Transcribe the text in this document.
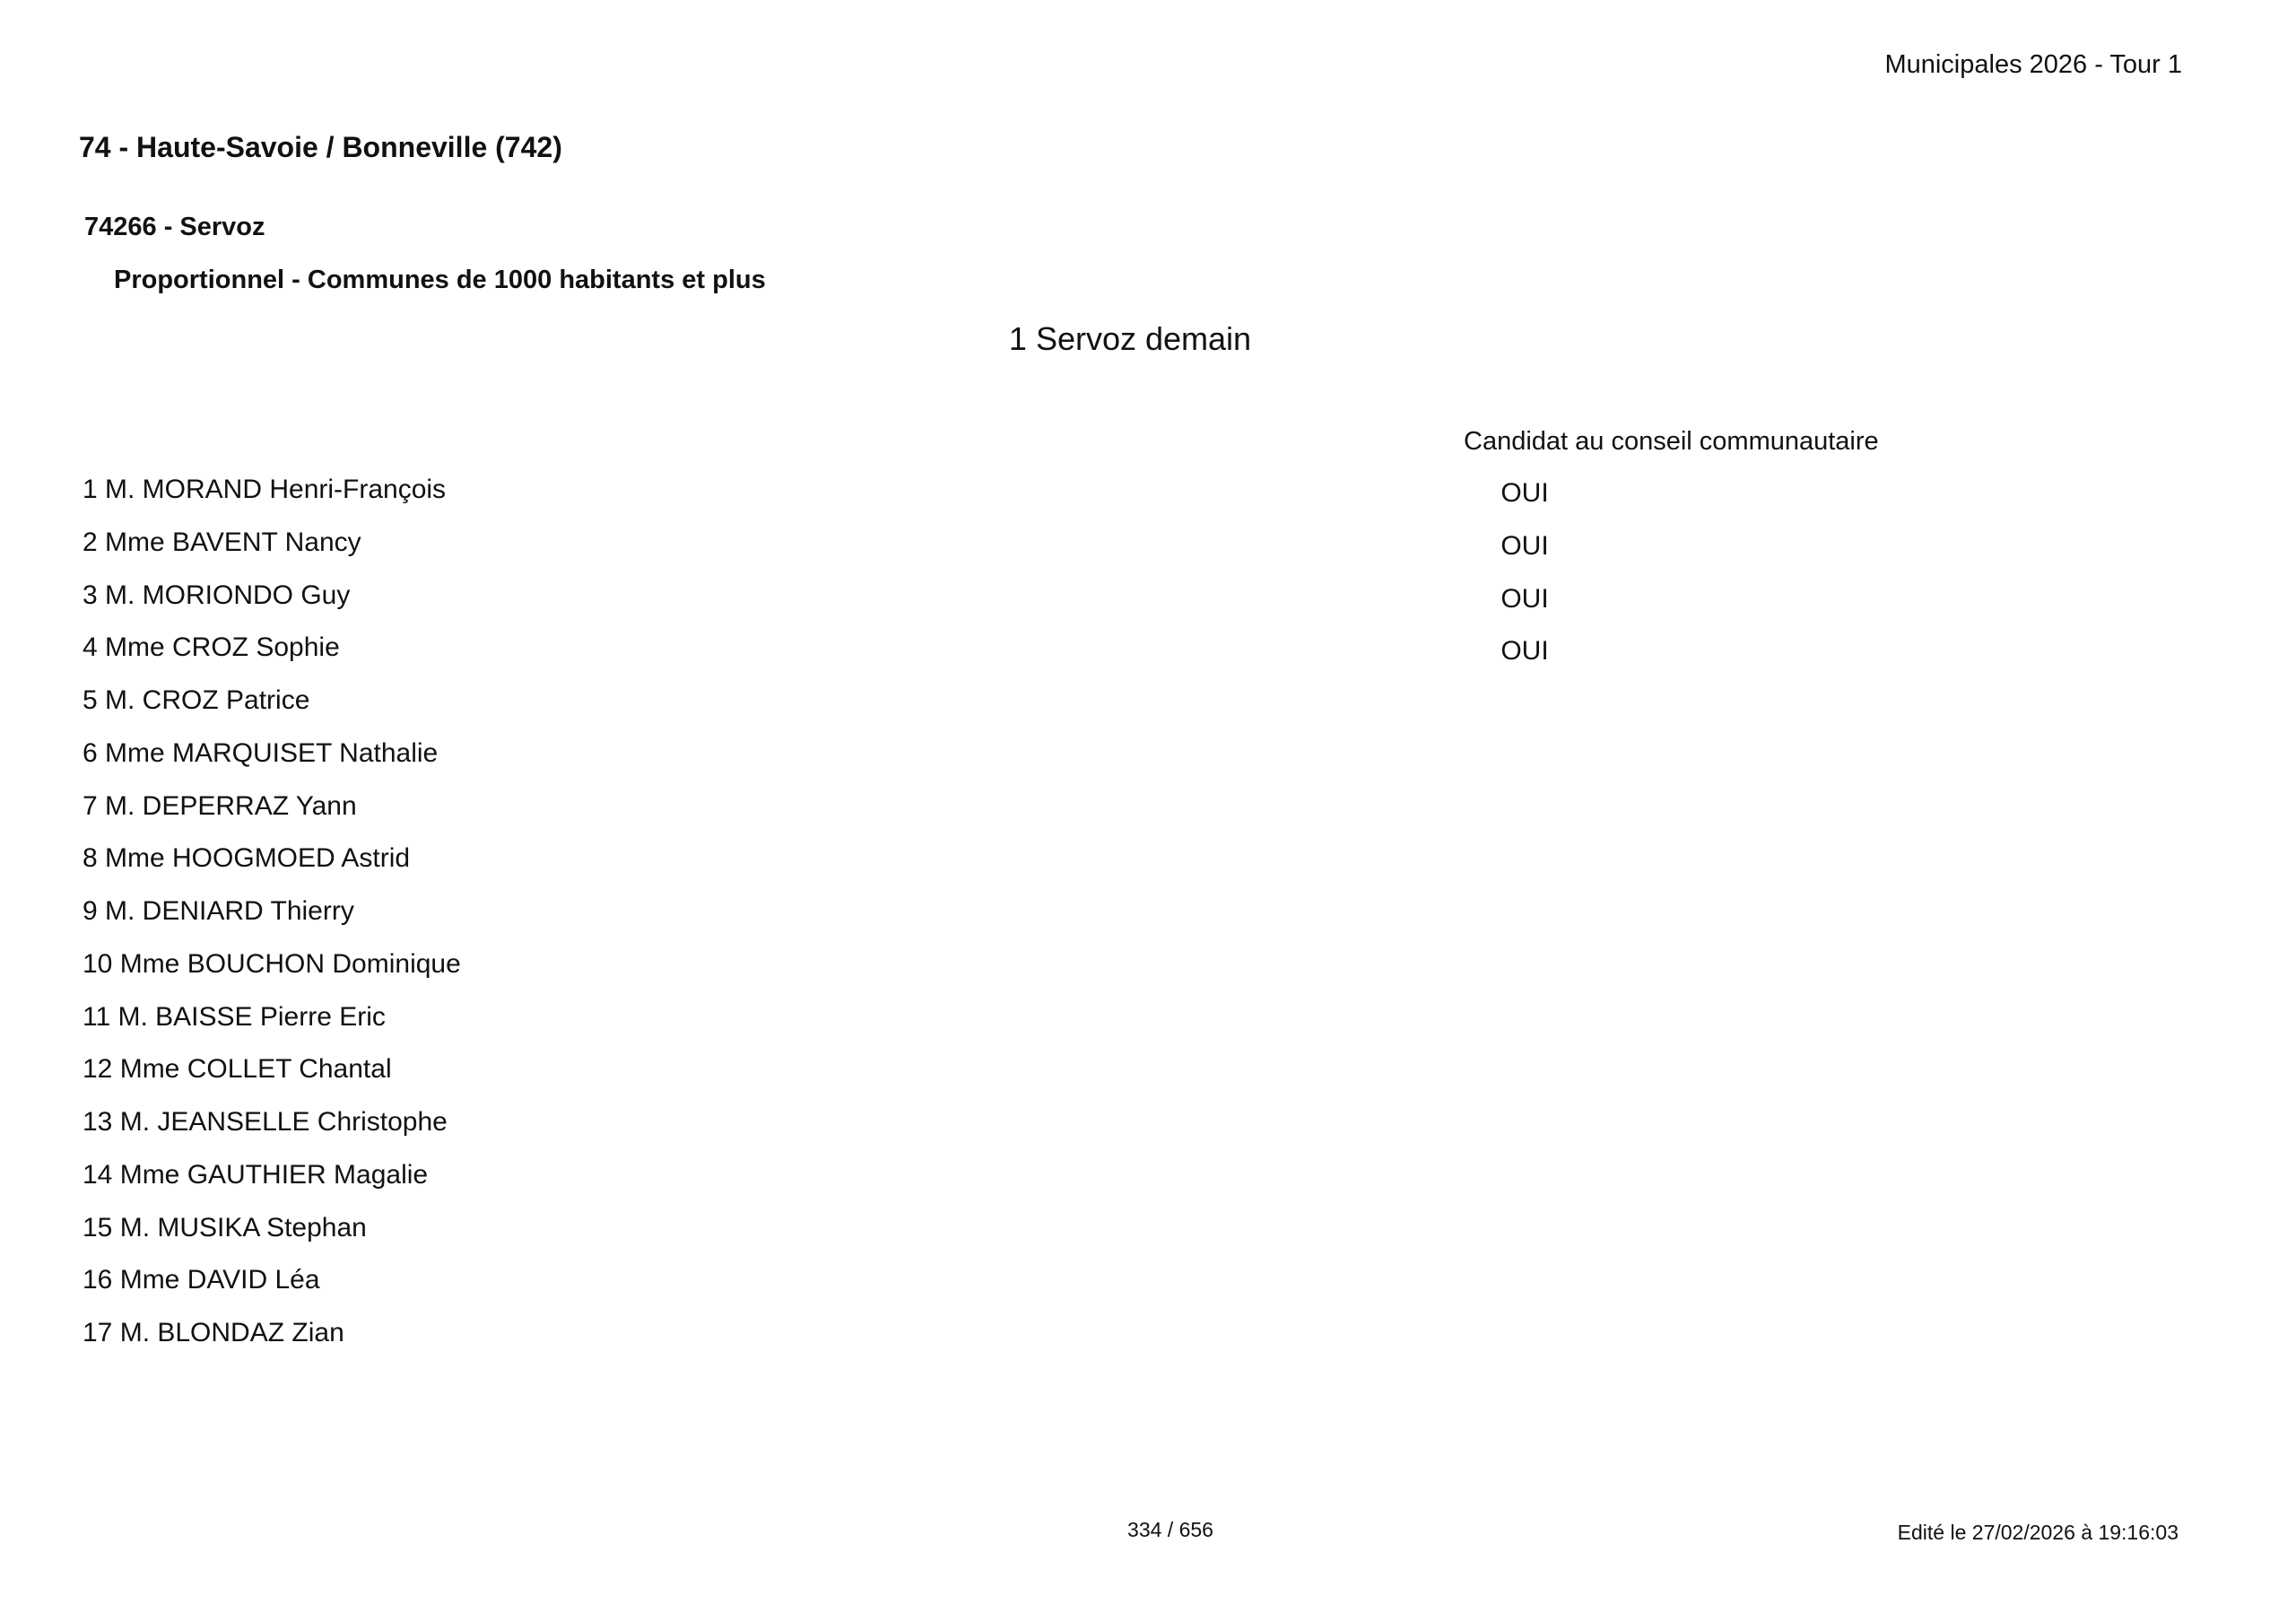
Municipales 2026 - Tour 1
74 - Haute-Savoie / Bonneville (742)
74266 - Servoz
Proportionnel - Communes de 1000 habitants et plus
1 Servoz demain
Candidat au conseil communautaire
1 M. MORAND Henri-François	OUI
2 Mme BAVENT Nancy	OUI
3 M. MORIONDO Guy	OUI
4 Mme CROZ Sophie	OUI
5 M. CROZ Patrice
6 Mme MARQUISET Nathalie
7 M. DEPERRAZ Yann
8 Mme HOOGMOED Astrid
9 M. DENIARD Thierry
10 Mme BOUCHON Dominique
11 M. BAISSE Pierre Eric
12 Mme COLLET Chantal
13 M. JEANSELLE Christophe
14 Mme GAUTHIER Magalie
15 M. MUSIKA Stephan
16 Mme DAVID Léa
17 M. BLONDAZ Zian
334 / 656	Edité le 27/02/2026 à 19:16:03
